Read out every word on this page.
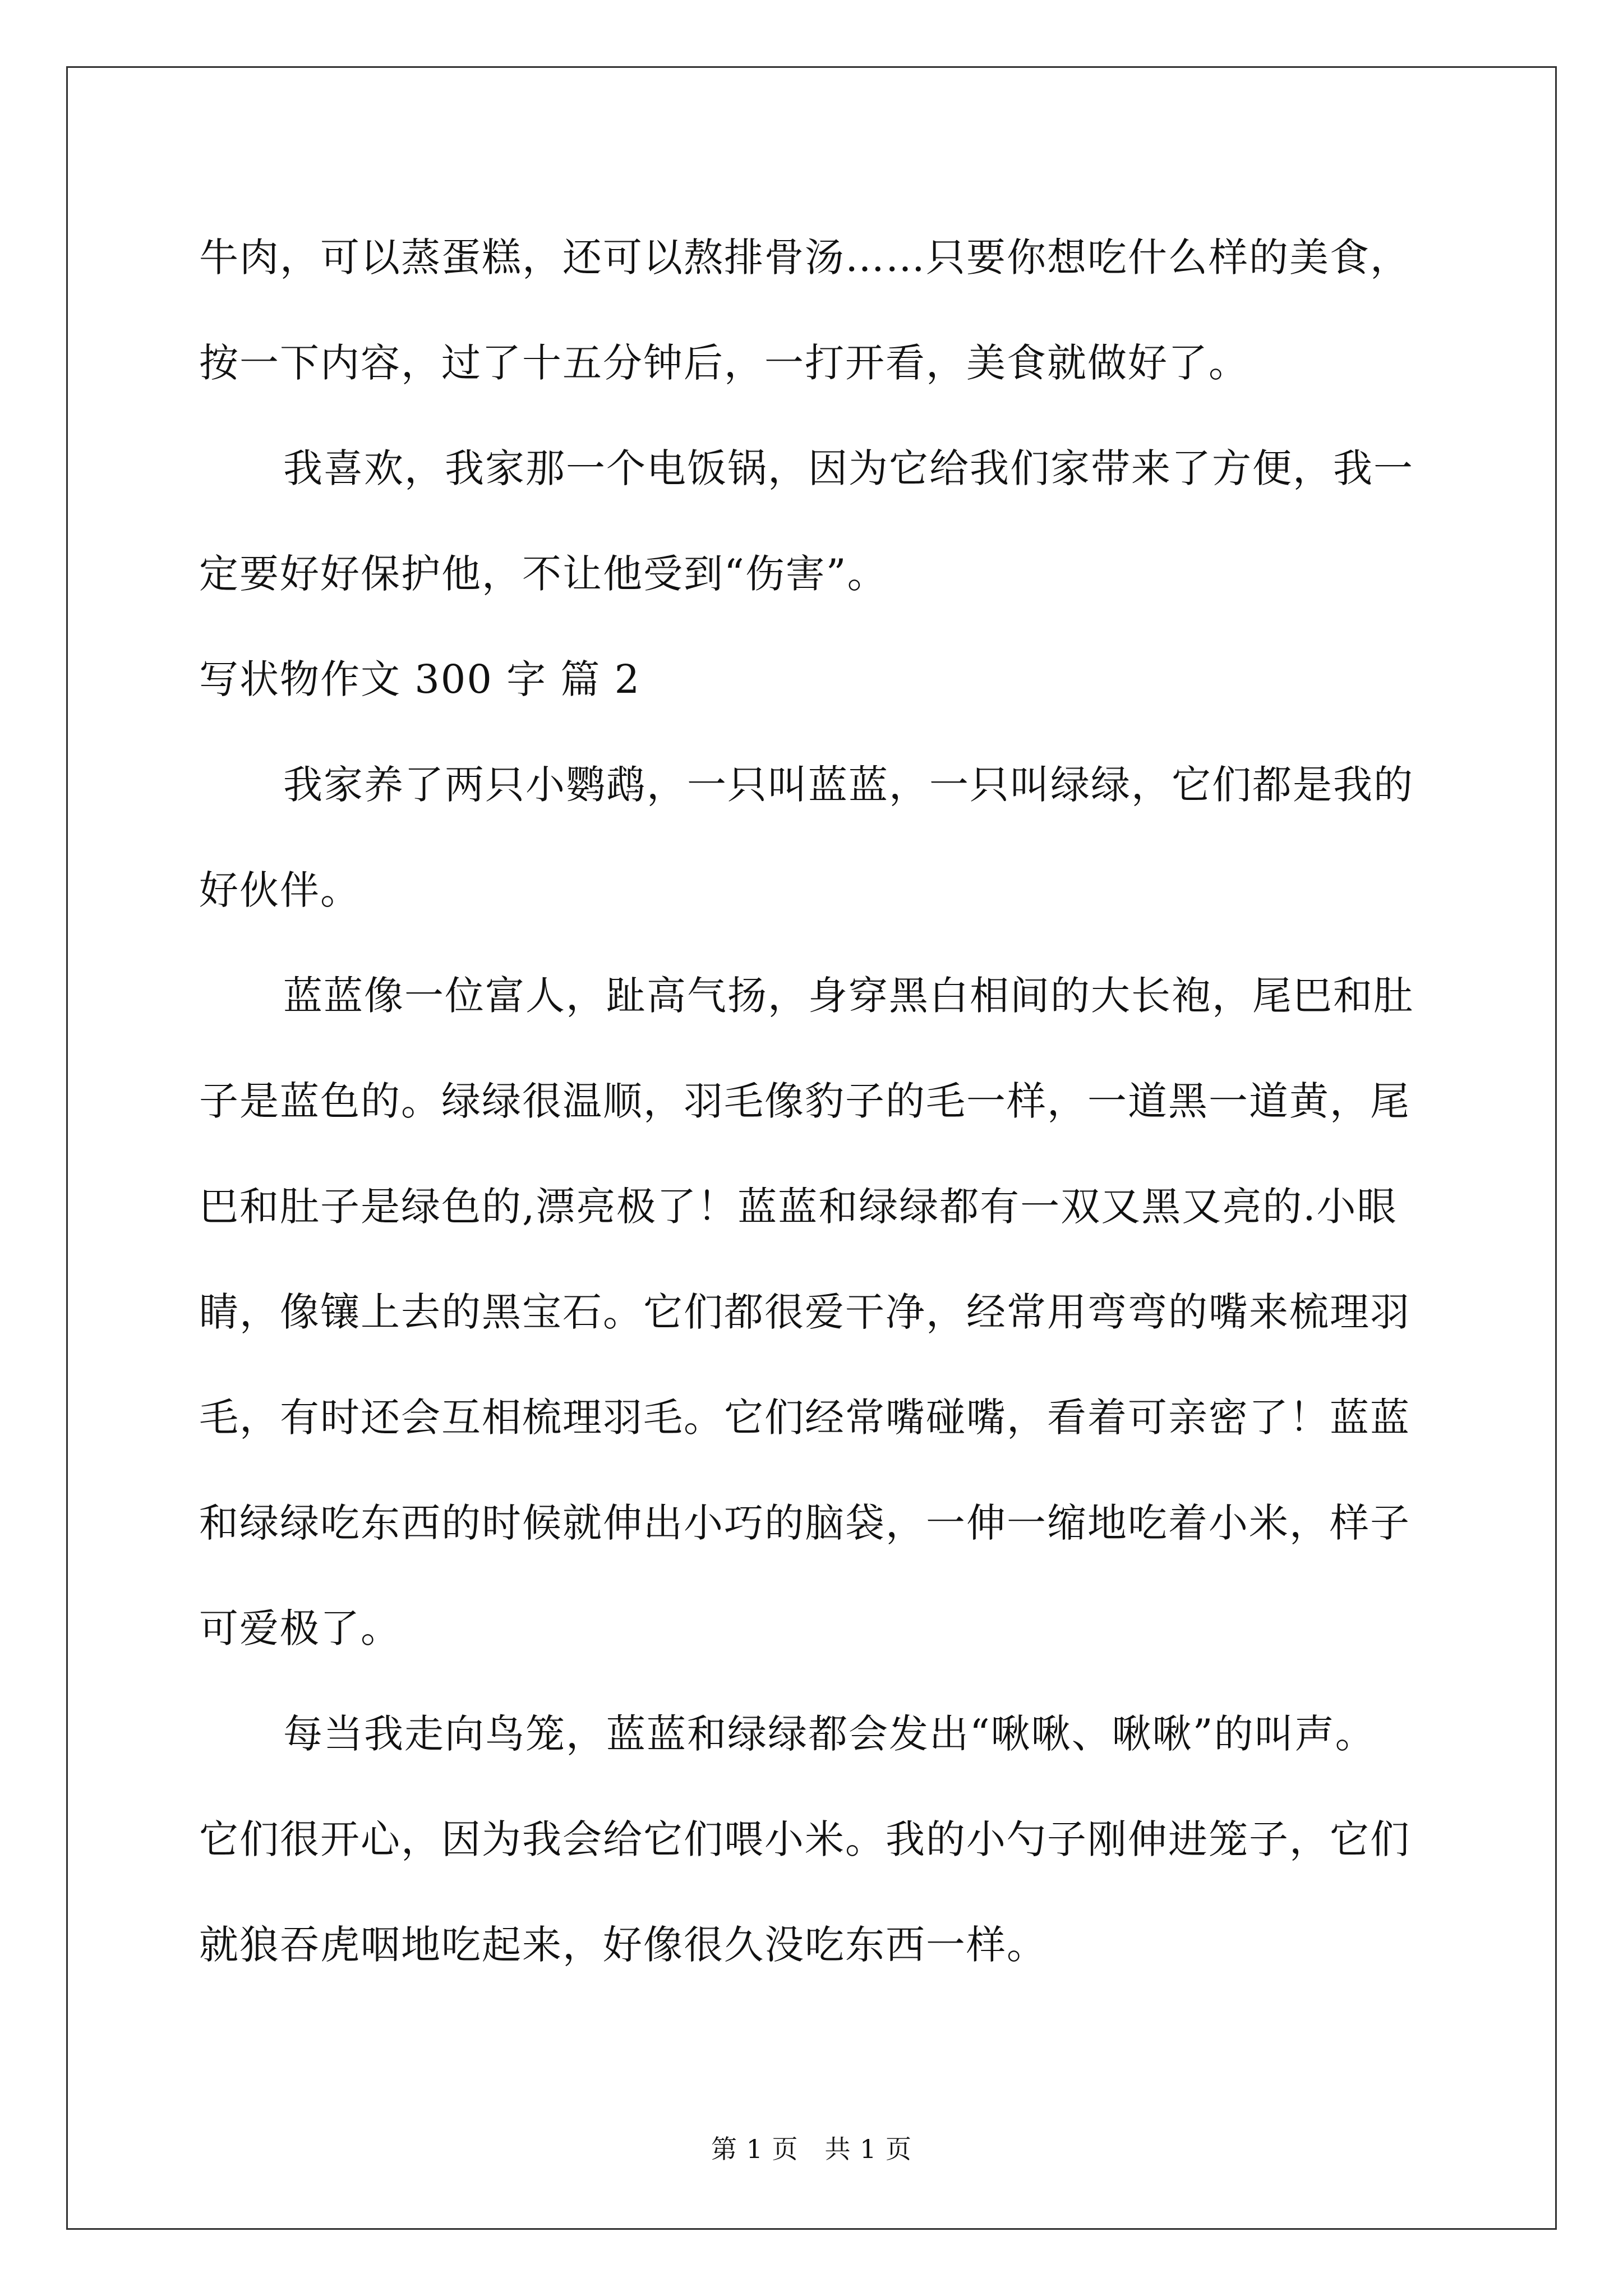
牛肉，可以蒸蛋糕，还可以熬排骨汤……只要你想吃什么样的美食，
按一下内容，过了十五分钟后，一打开看，美食就做好了。
我喜欢，我家那一个电饭锅，因为它给我们家带来了方便，我一
定要好好保护他，不让他受到“伤害”。
写状物作文 300 字 篇 2
我家养了两只小鹦鹉，一只叫蓝蓝，一只叫绿绿，它们都是我的
好伙伴。
蓝蓝像一位富人，趾高气扬，身穿黑白相间的大长袍，尾巴和肚
子是蓝色的。绿绿很温顺，羽毛像豹子的毛一样，一道黑一道黄，尾
巴和肚子是绿色的,漂亮极了！蓝蓝和绿绿都有一双又黑又亮的.小眼
睛，像镶上去的黑宝石。它们都很爱干净，经常用弯弯的嘴来梳理羽
毛，有时还会互相梳理羽毛。它们经常嘴碰嘴，看着可亲密了！蓝蓝
和绿绿吃东西的时候就伸出小巧的脑袋，一伸一缩地吃着小米，样子
可爱极了。
每当我走向鸟笼，蓝蓝和绿绿都会发出“啾啾、啾啾”的叫声。
它们很开心，因为我会给它们喂小米。我的小勺子刚伸进笼子，它们
就狼吞虎咽地吃起来，好像很久没吃东西一样。
第 1 页　共 1 页
